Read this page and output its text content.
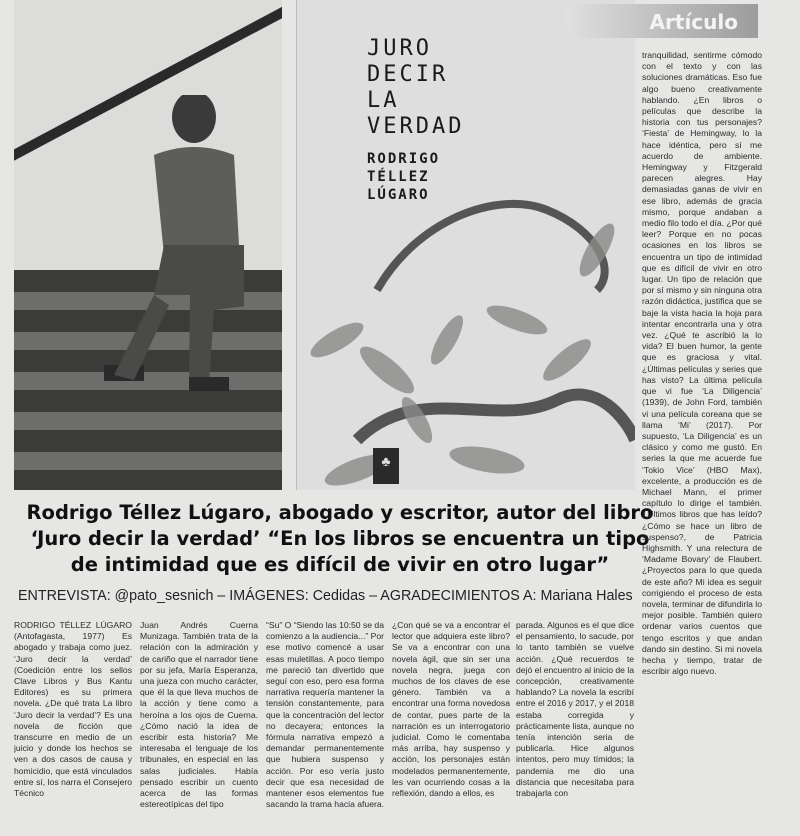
JURO
DECIR
LA
VERDAD
RODRIGO
TÉLLEZ
LÚGARO
♣
Artículo
Rodrigo Téllez Lúgaro, abogado y escritor, autor del libro ‘Juro decir la verdad’ “En los libros se encuentra un tipo de intimidad que es difícil de vivir en otro lugar”
ENTREVISTA: @pato_sesnich – IMÁGENES: Cedidas – AGRADECIMIENTOS A: Mariana Hales
RODRIGO TÉLLEZ LÚGARO (Antofagasta, 1977) Es abogado y trabaja como juez. ‘Juro decir la verdad’ (Coedición entre los sellos Clave Libros y Bus Kantu Editores) es su primera novela. ¿De qué trata La libro ‘Juro decir la verdad’? Es una novela de ficción que transcurre en medio de un juicio y donde los hechos se ven a dos casos de causa y homicidio, que está vinculados entre sí, los narra el Consejero Técnico
Juan Andrés Cuerna Munizaga. También trata de la relación con la admiración y de cariño que el narrador tiene por su jefa, María Esperanza, una jueza con mucho carácter, que él la que lleva muchos de la acción y tiene como a heroína a los ojos de Cuerna. ¿Cómo nació la idea de escribir esta historia? Me interesaba el lenguaje de los tribunales, en especial en las salas judiciales. Había pensado escribir un cuento acerca de las formas estereotípicas del tipo
“Su” O “Siendo las 10:50 se da comienzo a la audiencia...” Por ese motivo comencé a usar esas muletillas. A poco tiempo me pareció tan divertido que seguí con eso, pero esa forma narrativa requería mantener la tensión constantemente, para que la concentración del lector no decayera; entonces la fórmula narrativa empezó a demandar permanentemente que hubiera suspenso y acción. Por eso vería justo decir que esa necesidad de mantener esos elementos fue sacando la trama hacia afuera.
¿Con qué se va a encontrar el lector que adquiera este libro? Se va a encontrar con una novela ágil, que sin ser una novela negra, juega con muchos de los claves de ese género. También va a encontrar una forma novedosa de contar, pues parte de la narración es un interrogatorio judicial. Como le comentaba más arriba, hay suspenso y acción, los personajes están modelados permanentemente, les van ocurriendo cosas a la reflexión, dando a ellos, es
parada. Algunos es el que dice el pensamiento, lo sacude, por lo tanto también se vuelve acción. ¿Qué recuerdos te dejó el encuentro al inicio de la concepción, creativamente hablando? La novela la escribí entre el 2016 y 2017, y el 2018 estaba corregida y prácticamente lista, aunque no tenía intención seria de publicarla. Hice algunos intentos, pero muy tímidos; la pandemia me dio una distancia que necesitaba para trabajarla con
tranquilidad, sentirme cómodo con el texto y con las soluciones dramáticas. Eso fue algo bueno creativamente hablando. ¿En libros o películas que describe la historia con tus personajes? ‘Fiesta’ de Hemingway, lo la hace idéntica, pero sí me acuerdo de ambiente. Hemingway y Fitzgerald parecen alegres. Hay demasiadas ganas de vivir en ese libro, además de gracia mismo, porque andaban a medio filo todo el día. ¿Por qué leer? Porque en no pocas ocasiones en los libros se encuentra un tipo de intimidad que es difícil de vivir en otro lugar. Un tipo de relación que por sí mismo y sin ninguna otra razón didáctica, justifica que se baje la vista hacia la hoja para intentar encontrarla una y otra vez. ¿Qué te ascribió la lo vida? El buen humor, la gente que es graciosa y vital. ¿Últimas películas y series que has visto? La última película que vi fue ‘La Diligencia’ (1939), de John Ford, también vi una película coreana que se llama ‘Mi’ (2017). Por supuesto, ‘La Diligencia’ es un clásico y como me gustó. En series la que me acuerde fue ‘Tokio Vice’ (HBO Max), excelente, a producción es de Michael Mann, el primer capítulo lo dirige el también. ¿Últimos libros que has leído? ¿Cómo se hace un libro de suspenso?, de Patricia Highsmith. Y una relectura de ‘Madame Bovary’ de Flaubert. ¿Proyectos para lo que queda de este año? Mi idea es seguir corrigiendo el proceso de esta novela, terminar de difundirla lo mejor posible. También quiero ordenar varios cuentos que tengo escritos y que andan dando sin destino. Si mi novela hecha y tiempo, tratar de escribir algo nuevo.
